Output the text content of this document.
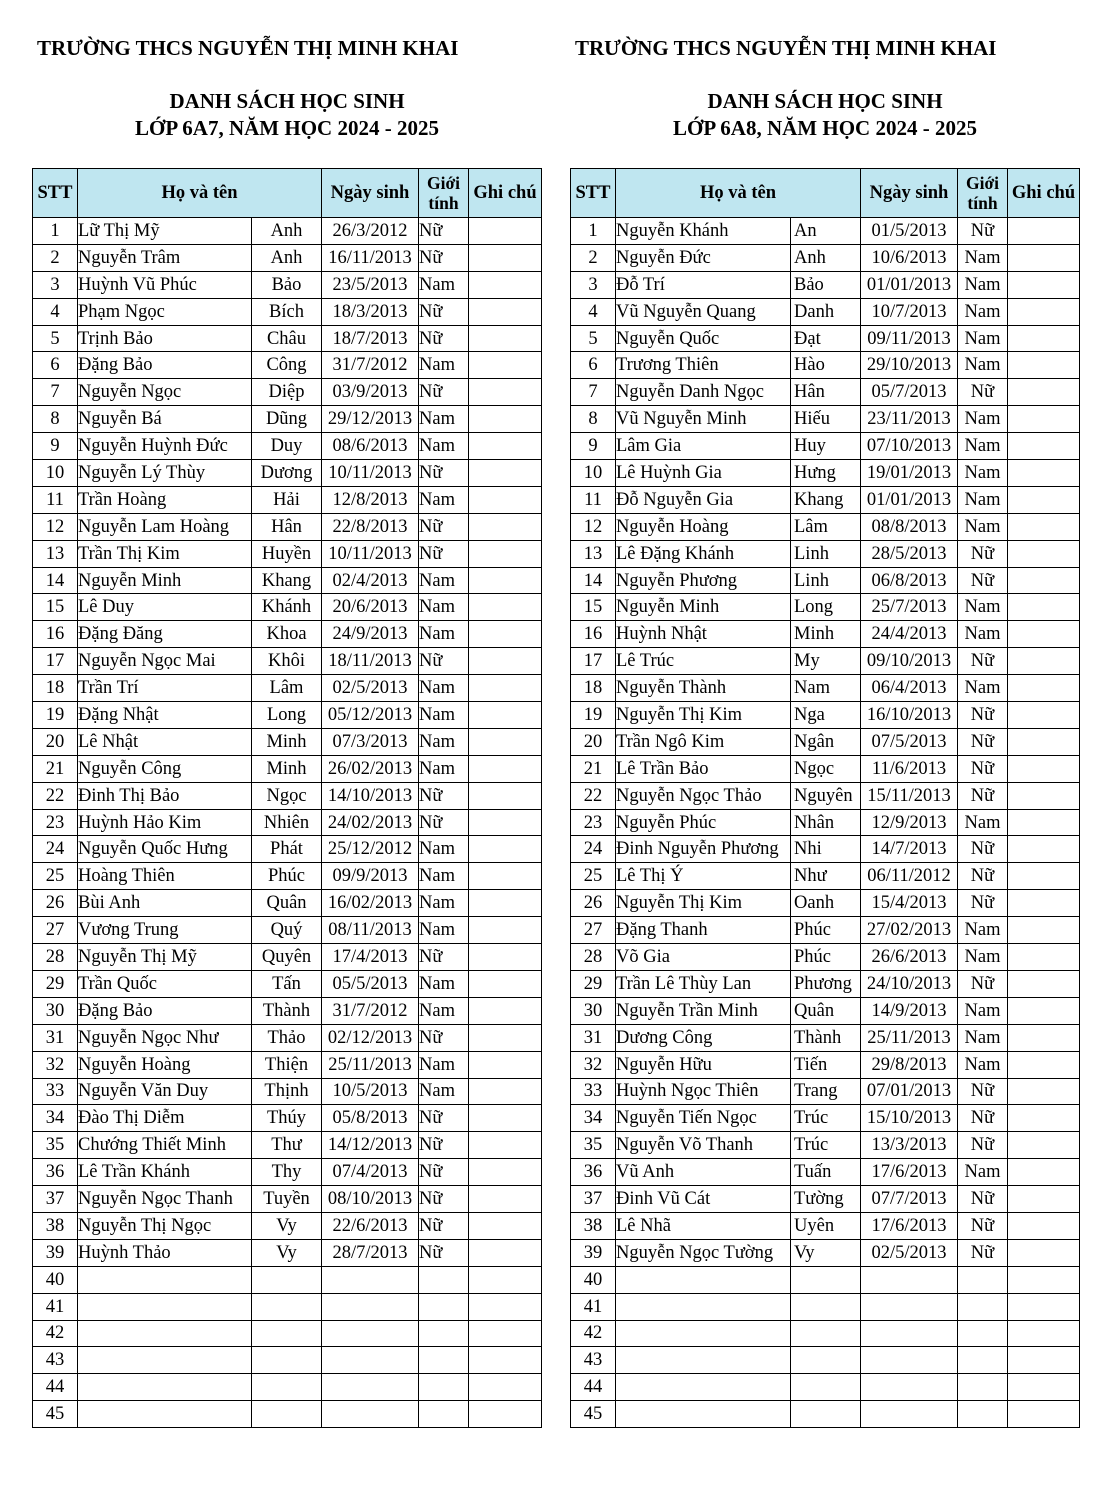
TRƯỜNG THCS NGUYỄN THỊ MINH KHAI
DANH SÁCH HỌC SINH
LỚP 6A7, NĂM HỌC 2024 - 2025
STT	Họ và tên		Ngày sinh	Giới
tính	Ghi chú
1	Lữ Thị Mỹ	Anh	26/3/2012	Nữ	
2	Nguyễn Trâm	Anh	16/11/2013	Nữ	
3	Huỳnh Vũ Phúc	Bảo	23/5/2013	Nam	
4	Phạm Ngọc	Bích	18/3/2013	Nữ	
5	Trịnh Bảo	Châu	18/7/2013	Nữ	
6	Đặng Bảo	Công	31/7/2012	Nam	
7	Nguyễn Ngọc	Diệp	03/9/2013	Nữ	
8	Nguyễn Bá	Dũng	29/12/2013	Nam	
9	Nguyễn Huỳnh Đức	Duy	08/6/2013	Nam	
10	Nguyễn Lý Thùy	Dương	10/11/2013	Nữ	
11	Trần Hoàng	Hải	12/8/2013	Nam	
12	Nguyễn Lam Hoàng	Hân	22/8/2013	Nữ	
13	Trần Thị Kim	Huyền	10/11/2013	Nữ	
14	Nguyễn Minh	Khang	02/4/2013	Nam	
15	Lê Duy	Khánh	20/6/2013	Nam	
16	Đặng Đăng	Khoa	24/9/2013	Nam	
17	Nguyễn Ngọc Mai	Khôi	18/11/2013	Nữ	
18	Trần Trí	Lâm	02/5/2013	Nam	
19	Đặng Nhật	Long	05/12/2013	Nam	
20	Lê Nhật	Minh	07/3/2013	Nam	
21	Nguyễn Công	Minh	26/02/2013	Nam	
22	Đinh Thị Bảo	Ngọc	14/10/2013	Nữ	
23	Huỳnh Hảo Kim	Nhiên	24/02/2013	Nữ	
24	Nguyễn Quốc Hưng	Phát	25/12/2012	Nam	
25	Hoàng Thiên	Phúc	09/9/2013	Nam	
26	Bùi Anh	Quân	16/02/2013	Nam	
27	Vương Trung	Quý	08/11/2013	Nam	
28	Nguyễn Thị Mỹ	Quyên	17/4/2013	Nữ	
29	Trần Quốc	Tấn	05/5/2013	Nam	
30	Đặng Bảo	Thành	31/7/2012	Nam	
31	Nguyễn Ngọc Như	Thảo	02/12/2013	Nữ	
32	Nguyễn Hoàng	Thiện	25/11/2013	Nam	
33	Nguyễn Văn Duy	Thịnh	10/5/2013	Nam	
34	Đào Thị Diễm	Thúy	05/8/2013	Nữ	
35	Chướng Thiết Minh	Thư	14/12/2013	Nữ	
36	Lê Trần Khánh	Thy	07/4/2013	Nữ	
37	Nguyễn Ngọc Thanh	Tuyền	08/10/2013	Nữ	
38	Nguyễn Thị Ngọc	Vy	22/6/2013	Nữ	
39	Huỳnh Thảo	Vy	28/7/2013	Nữ	
40					
41					
42					
43					
44					
45					
TRƯỜNG THCS NGUYỄN THỊ MINH KHAI
DANH SÁCH HỌC SINH
LỚP 6A8, NĂM HỌC 2024 - 2025
STT	Họ và tên		Ngày sinh	Giới
tính	Ghi chú
1	Nguyễn Khánh	An	01/5/2013	Nữ	
2	Nguyễn Đức	Anh	10/6/2013	Nam	
3	Đỗ Trí	Bảo	01/01/2013	Nam	
4	Vũ Nguyễn Quang	Danh	10/7/2013	Nam	
5	Nguyễn Quốc	Đạt	09/11/2013	Nam	
6	Trương Thiên	Hào	29/10/2013	Nam	
7	Nguyễn Danh Ngọc	Hân	05/7/2013	Nữ	
8	Vũ Nguyễn Minh	Hiếu	23/11/2013	Nam	
9	Lâm Gia	Huy	07/10/2013	Nam	
10	Lê Huỳnh Gia	Hưng	19/01/2013	Nam	
11	Đỗ Nguyễn Gia	Khang	01/01/2013	Nam	
12	Nguyễn Hoàng	Lâm	08/8/2013	Nam	
13	Lê Đặng Khánh	Linh	28/5/2013	Nữ	
14	Nguyễn Phương	Linh	06/8/2013	Nữ	
15	Nguyễn Minh	Long	25/7/2013	Nam	
16	Huỳnh Nhật	Minh	24/4/2013	Nam	
17	Lê Trúc	My	09/10/2013	Nữ	
18	Nguyễn Thành	Nam	06/4/2013	Nam	
19	Nguyễn Thị Kim	Nga	16/10/2013	Nữ	
20	Trần Ngô Kim	Ngân	07/5/2013	Nữ	
21	Lê Trần Bảo	Ngọc	11/6/2013	Nữ	
22	Nguyễn Ngọc Thảo	Nguyên	15/11/2013	Nữ	
23	Nguyễn Phúc	Nhân	12/9/2013	Nam	
24	Đinh Nguyễn Phương	Nhi	14/7/2013	Nữ	
25	Lê Thị Ý	Như	06/11/2012	Nữ	
26	Nguyễn Thị Kim	Oanh	15/4/2013	Nữ	
27	Đặng Thanh	Phúc	27/02/2013	Nam	
28	Võ Gia	Phúc	26/6/2013	Nam	
29	Trần Lê Thùy Lan	Phương	24/10/2013	Nữ	
30	Nguyễn Trần Minh	Quân	14/9/2013	Nam	
31	Dương Công	Thành	25/11/2013	Nam	
32	Nguyễn Hữu	Tiến	29/8/2013	Nam	
33	Huỳnh Ngọc Thiên	Trang	07/01/2013	Nữ	
34	Nguyễn Tiến Ngọc	Trúc	15/10/2013	Nữ	
35	Nguyễn Võ Thanh	Trúc	13/3/2013	Nữ	
36	Vũ Anh	Tuấn	17/6/2013	Nam	
37	Đinh Vũ Cát	Tường	07/7/2013	Nữ	
38	Lê Nhã	Uyên	17/6/2013	Nữ	
39	Nguyễn Ngọc Tường	Vy	02/5/2013	Nữ	
40					
41					
42					
43					
44					
45					
